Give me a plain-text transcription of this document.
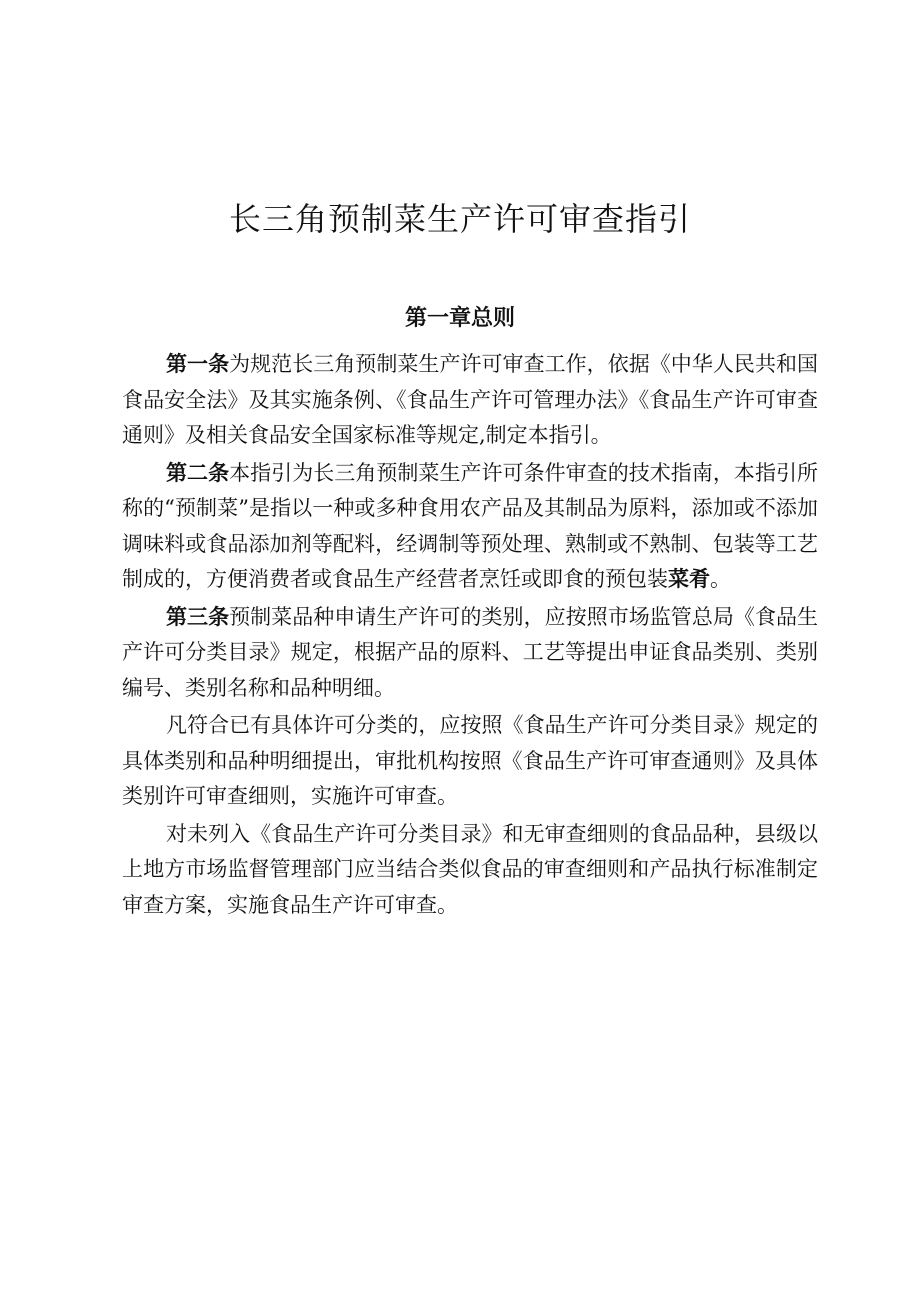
长三角预制菜生产许可审查指引
第一章总则

第一条为规范长三角预制菜生产许可审查工作，依据《中华人民共和国食品安全法》及其实施条例、《食品生产许可管理办法》《食品生产许可审查通则》及相关食品安全国家标准等规定,制定本指引。

第二条本指引为长三角预制菜生产许可条件审查的技术指南，本指引所称的“预制菜”是指以一种或多种食用农产品及其制品为原料，添加或不添加调味料或食品添加剂等配料，经调制等预处理、熟制或不熟制、包装等工艺制成的，方便消费者或食品生产经营者烹饪或即食的预包装菜肴。

第三条预制菜品种申请生产许可的类别，应按照市场监管总局《食品生产许可分类目录》规定，根据产品的原料、工艺等提出申证食品类别、类别编号、类别名称和品种明细。

凡符合已有具体许可分类的，应按照《食品生产许可分类目录》规定的具体类别和品种明细提出，审批机构按照《食品生产许可审查通则》及具体类别许可审查细则，实施许可审查。

对未列入《食品生产许可分类目录》和无审查细则的食品品种，县级以上地方市场监督管理部门应当结合类似食品的审查细则和产品执行标准制定审查方案，实施食品生产许可审查。
